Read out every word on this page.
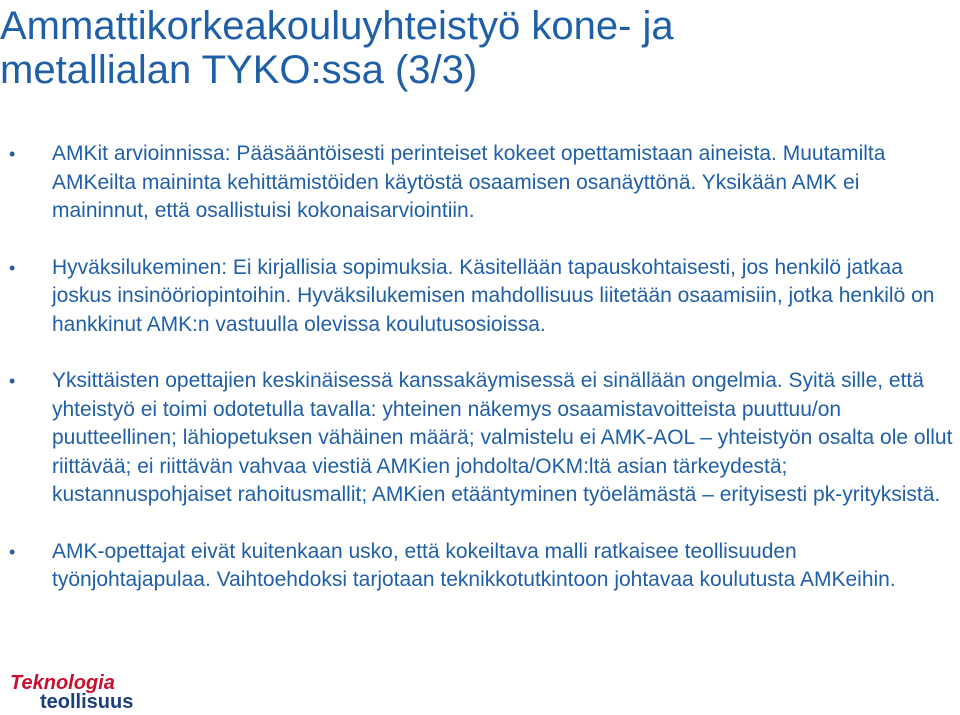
Ammattikorkeakouluyhteistyö kone- ja
metallialan TYKO:ssa (3/3)
• AMKit arvioinnissa: Pääsääntöisesti perinteiset kokeet opettamistaan aineista. Muutamilta AMKeilta maininta kehittämistöiden käytöstä osaamisen osanäyttönä. Yksikään AMK ei maininnut, että osallistuisi kokonaisarviointiin.
• Hyväksilukeminen: Ei kirjallisia sopimuksia. Käsitellään tapauskohtaisesti, jos henkilö jatkaa joskus insinööriopintoihin. Hyväksilukemisen mahdollisuus liitetään osaamisiin, jotka henkilö on hankkinut AMK:n vastuulla olevissa koulutusosioissa.
• Yksittäisten opettajien keskinäisessä kanssakäymisessä ei sinällään ongelmia. Syitä sille, että yhteistyö ei toimi odotetulla tavalla: yhteinen näkemys osaamistavoitteista puuttuu/on puutteellinen; lähiopetuksen vähäinen määrä; valmistelu ei AMK-AOL – yhteistyön osalta ole ollut riittävää; ei riittävän vahvaa viestiä AMKien johdolta/OKM:ltä asian tärkeydestä; kustannuspohjaiset rahoitusmallit; AMKien etääntyminen työelämästä – erityisesti pk-yrityksistä.
• AMK-opettajat eivät kuitenkaan usko, että kokeiltava malli ratkaisee teollisuuden työnjohtajapulaa. Vaihtoehdoksi tarjotaan teknikkotutkintoon johtavaa koulutusta AMKeihin.
Teknologia
teollisuus
